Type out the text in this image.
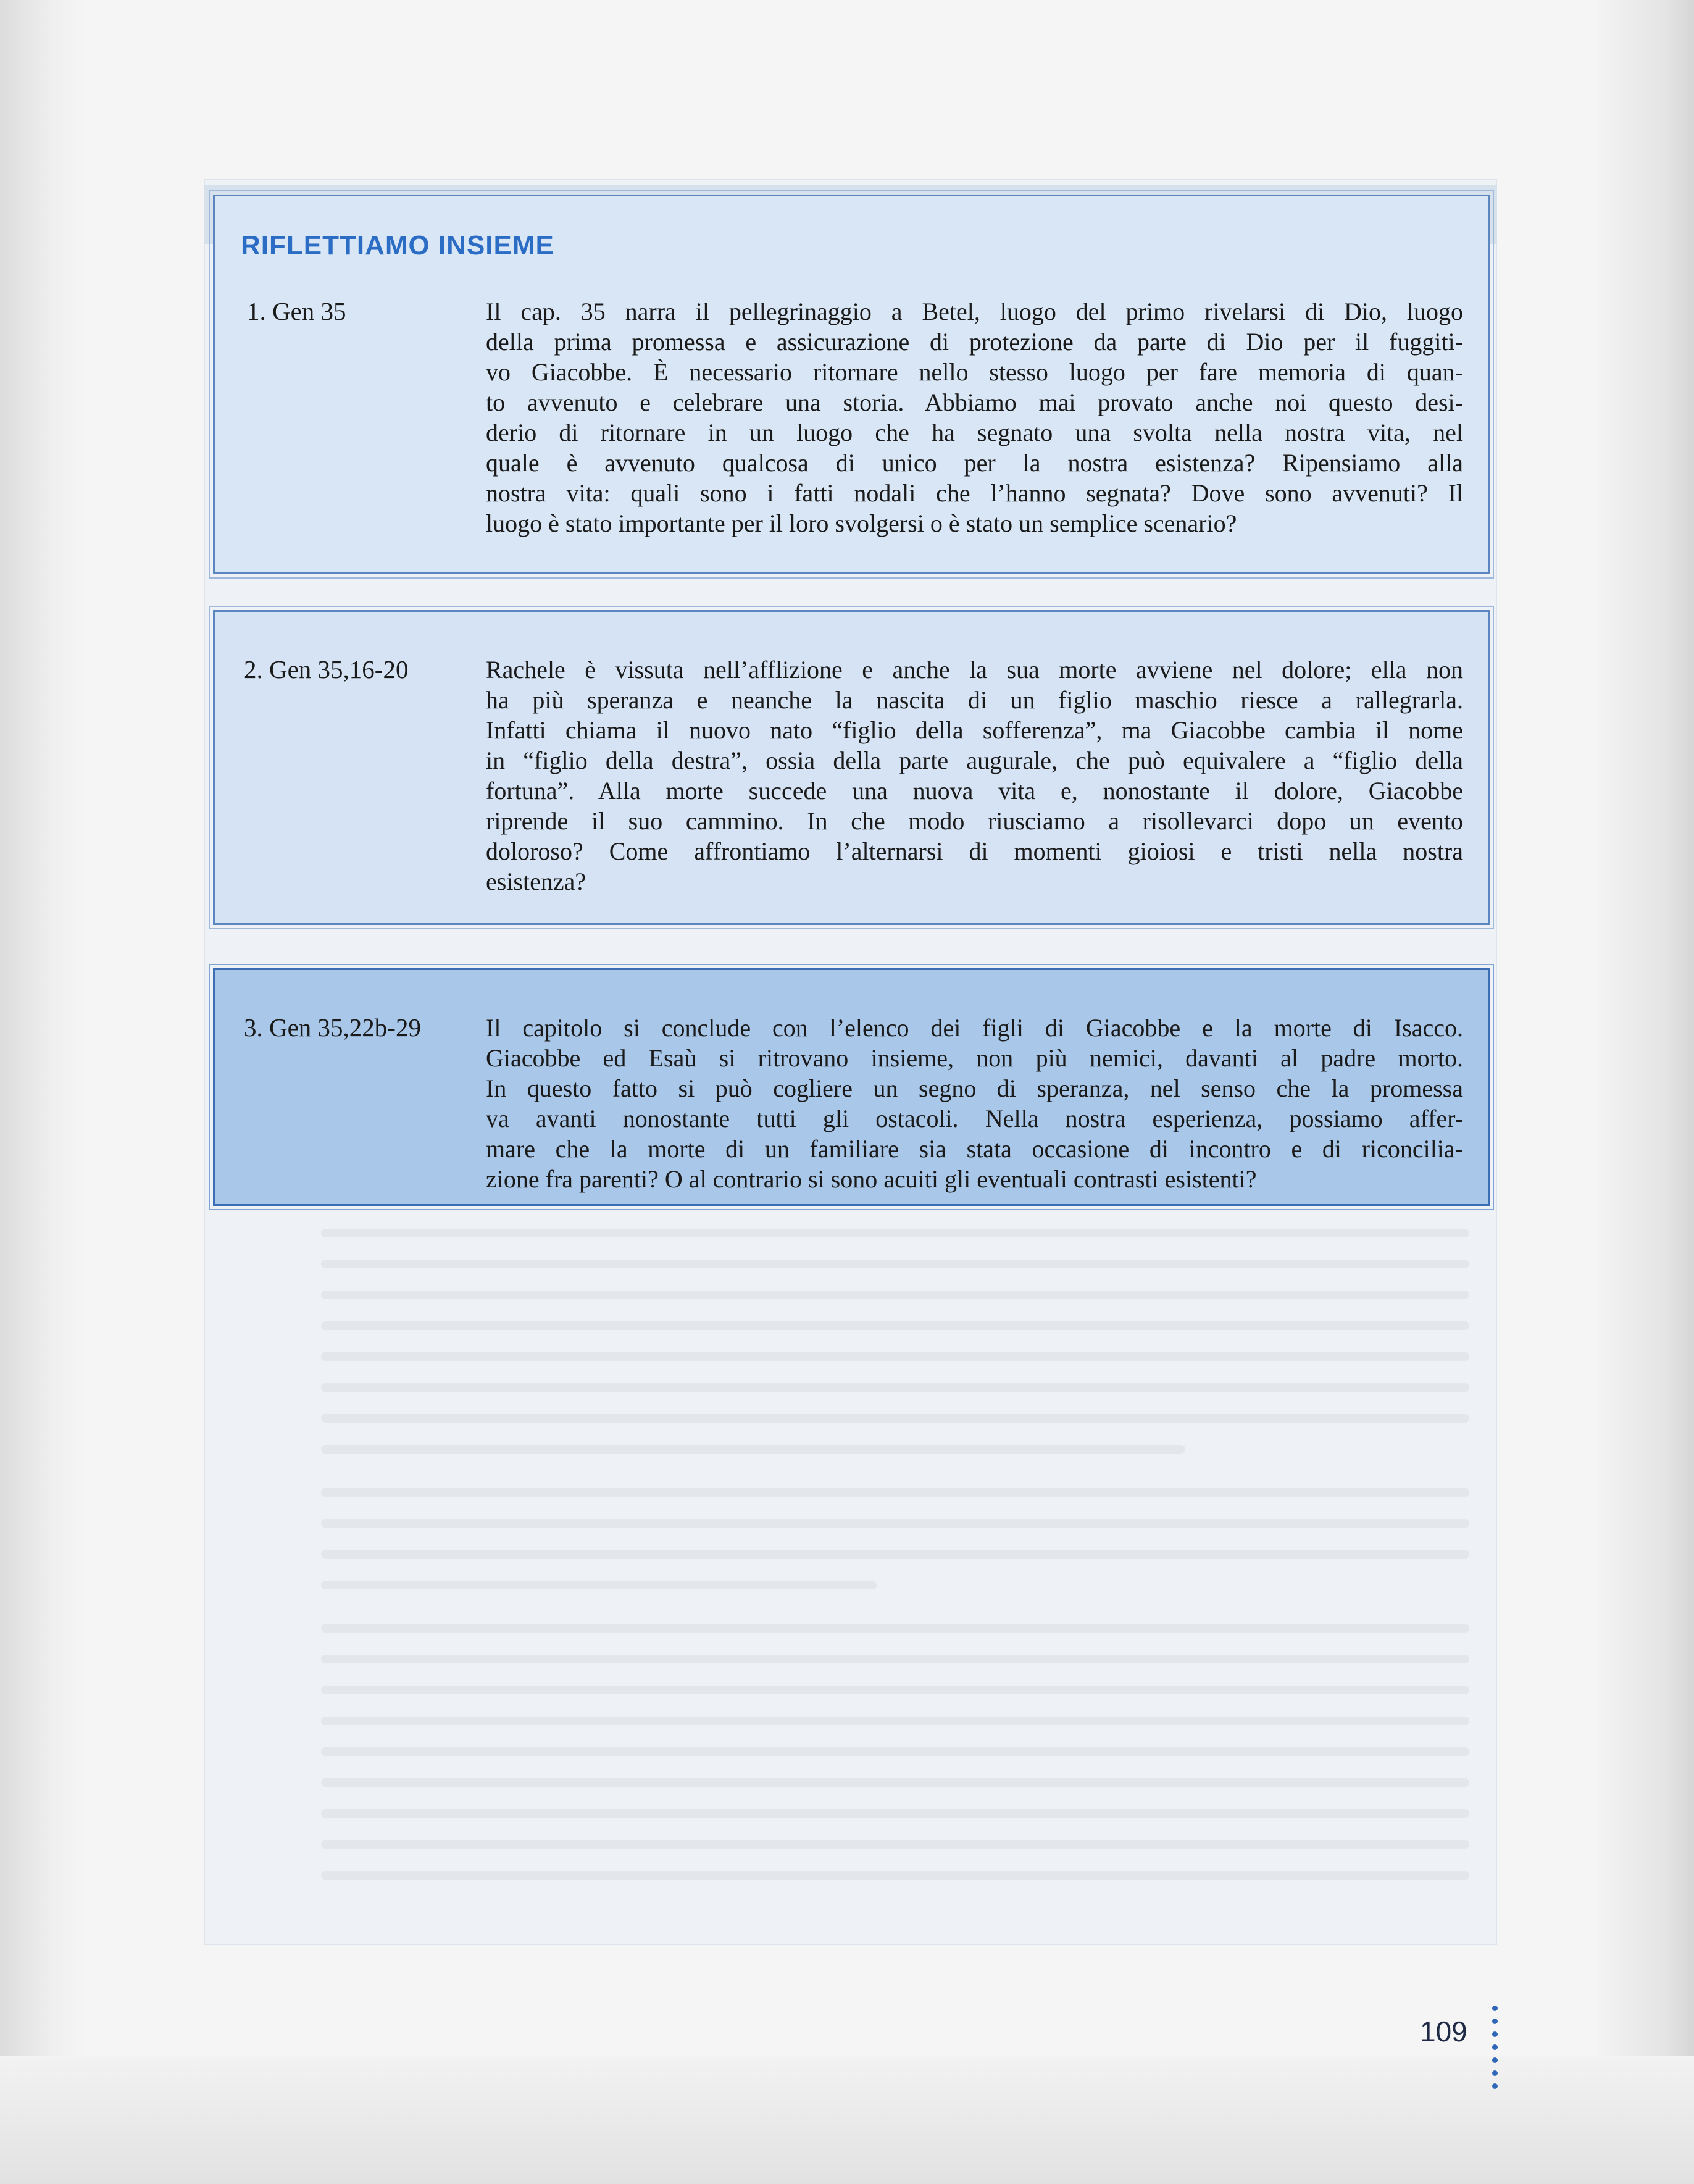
RIFLETTIAMO INSIEME
1. Gen 35	Il cap. 35 narra il pellegrinaggio a Betel, luogo del primo rivelarsi di Dio, luogo
della prima promessa e assicurazione di protezione da parte di Dio per il fuggiti-
vo Giacobbe. È necessario ritornare nello stesso luogo per fare memoria di quan-
to avvenuto e celebrare una storia. Abbiamo mai provato anche noi questo desi-
derio di ritornare in un luogo che ha segnato una svolta nella nostra vita, nel
quale è avvenuto qualcosa di unico per la nostra esistenza? Ripensiamo alla
nostra vita: quali sono i fatti nodali che l’hanno segnata? Dove sono avvenuti? Il
luogo è stato importante per il loro svolgersi o è stato un semplice scenario?

2. Gen 35,16-20	Rachele è vissuta nell’afflizione e anche la sua morte avviene nel dolore; ella non
ha più speranza e neanche la nascita di un figlio maschio riesce a rallegrarla.
Infatti chiama il nuovo nato “figlio della sofferenza”, ma Giacobbe cambia il nome
in “figlio della destra”, ossia della parte augurale, che può equivalere a “figlio della
fortuna”. Alla morte succede una nuova vita e, nonostante il dolore, Giacobbe
riprende il suo cammino. In che modo riusciamo a risollevarci dopo un evento
doloroso? Come affrontiamo l’alternarsi di momenti gioiosi e tristi nella nostra
esistenza?

3. Gen 35,22b-29	Il capitolo si conclude con l’elenco dei figli di Giacobbe e la morte di Isacco.
Giacobbe ed Esaù si ritrovano insieme, non più nemici, davanti al padre morto.
In questo fatto si può cogliere un segno di speranza, nel senso che la promessa
va avanti nonostante tutti gli ostacoli. Nella nostra esperienza, possiamo affer-
mare che la morte di un familiare sia stata occasione di incontro e di riconcilia-
zione fra parenti? O al contrario si sono acuiti gli eventuali contrasti esistenti?

109
